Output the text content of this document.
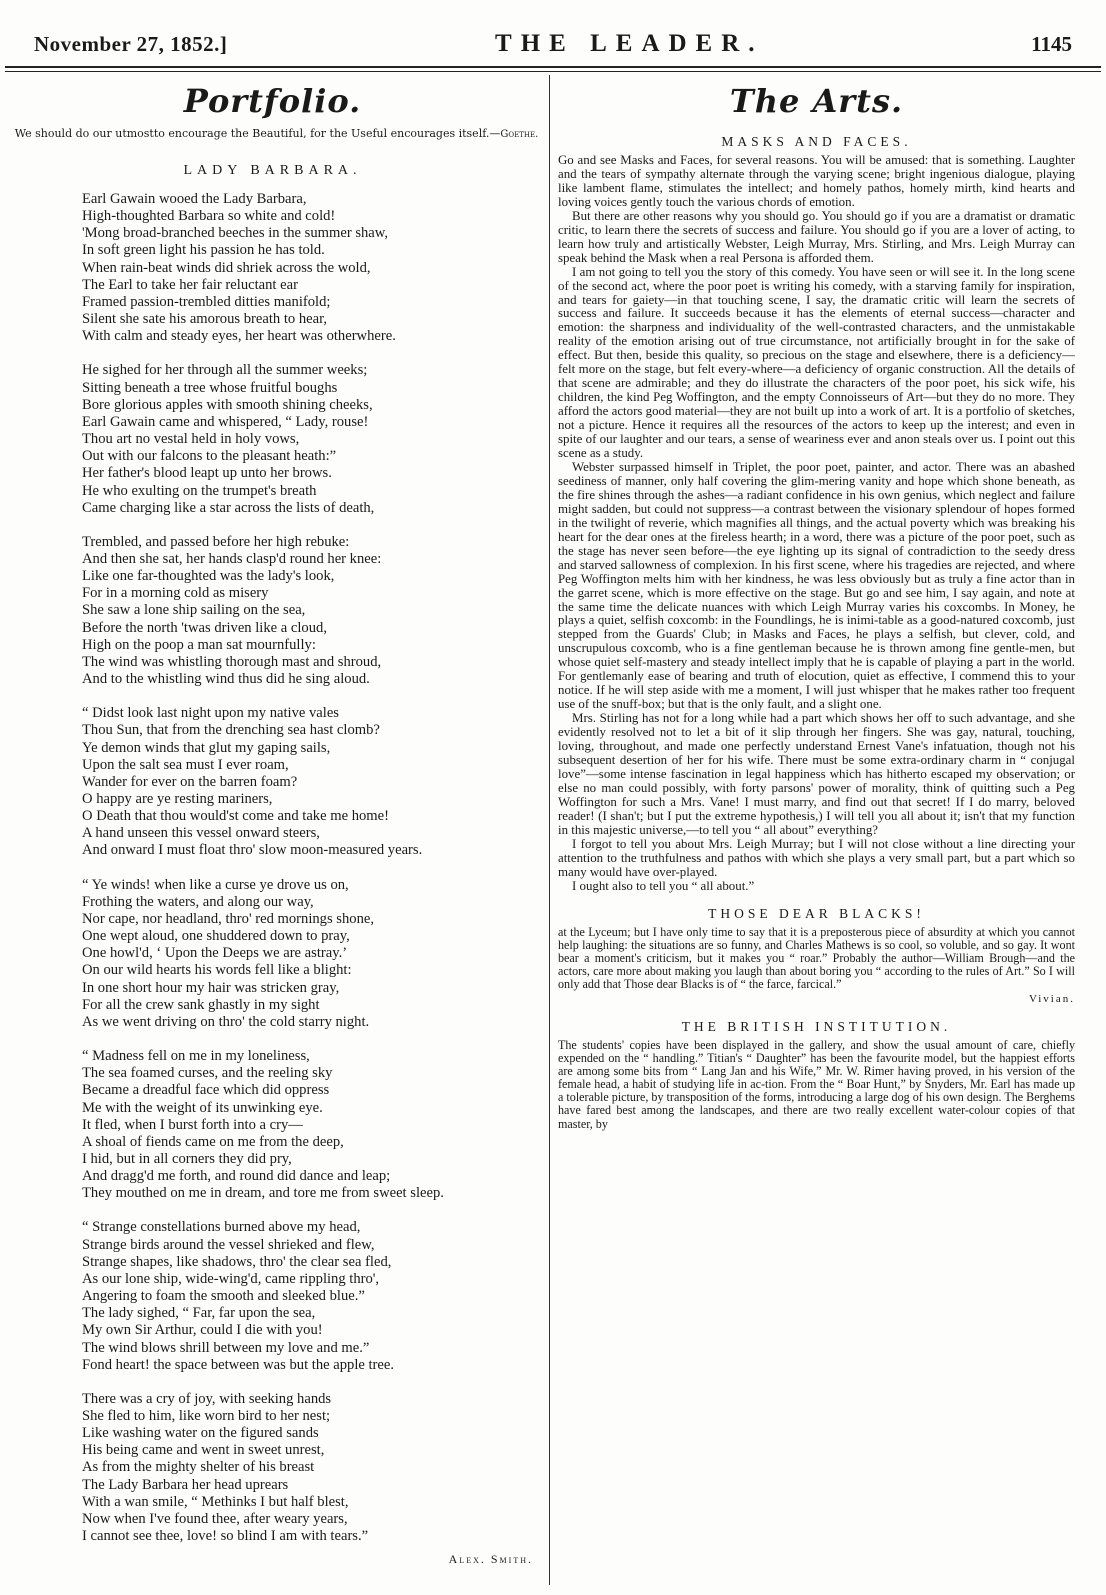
November 27, 1852.]	THE LEADER.	1145
Portfolio.
We should do our utmostto encourage the Beautiful, for the Useful encourages itself.—Goethe.
LADY BARBARA.
Earl Gawain wooed the Lady Barbara,
High-thoughted Barbara so white and cold!
'Mong broad-branched beeches in the summer shaw,
In soft green light his passion he has told.
When rain-beat winds did shriek across the wold,
The Earl to take her fair reluctant ear
Framed passion-trembled ditties manifold;
Silent she sate his amorous breath to hear,
With calm and steady eyes, her heart was otherwhere.
He sighed for her through all the summer weeks;
Sitting beneath a tree whose fruitful boughs
Bore glorious apples with smooth shining cheeks,
Earl Gawain came and whispered, “ Lady, rouse!
Thou art no vestal held in holy vows,
Out with our falcons to the pleasant heath:”
Her father's blood leapt up unto her brows.
He who exulting on the trumpet's breath
Came charging like a star across the lists of death,
Trembled, and passed before her high rebuke:
And then she sat, her hands clasp'd round her knee:
Like one far-thoughted was the lady's look,
For in a morning cold as misery
She saw a lone ship sailing on the sea,
Before the north 'twas driven like a cloud,
High on the poop a man sat mournfully:
The wind was whistling thorough mast and shroud,
And to the whistling wind thus did he sing aloud.
“ Didst look last night upon my native vales
Thou Sun, that from the drenching sea hast clomb?
Ye demon winds that glut my gaping sails,
Upon the salt sea must I ever roam,
Wander for ever on the barren foam?
O happy are ye resting mariners,
O Death that thou would'st come and take me home!
A hand unseen this vessel onward steers,
And onward I must float thro' slow moon-measured years.
“ Ye winds! when like a curse ye drove us on,
Frothing the waters, and along our way,
Nor cape, nor headland, thro' red mornings shone,
One wept aloud, one shuddered down to pray,
One howl'd, ‘ Upon the Deeps we are astray.’
On our wild hearts his words fell like a blight:
In one short hour my hair was stricken gray,
For all the crew sank ghastly in my sight
As we went driving on thro' the cold starry night.
“ Madness fell on me in my loneliness,
The sea foamed curses, and the reeling sky
Became a dreadful face which did oppress
Me with the weight of its unwinking eye.
It fled, when I burst forth into a cry—
A shoal of fiends came on me from the deep,
I hid, but in all corners they did pry,
And dragg'd me forth, and round did dance and leap;
They mouthed on me in dream, and tore me from sweet sleep.
“ Strange constellations burned above my head,
Strange birds around the vessel shrieked and flew,
Strange shapes, like shadows, thro' the clear sea fled,
As our lone ship, wide-wing'd, came rippling thro',
Angering to foam the smooth and sleeked blue.”
The lady sighed, “ Far, far upon the sea,
My own Sir Arthur, could I die with you!
The wind blows shrill between my love and me.”
Fond heart! the space between was but the apple tree.
There was a cry of joy, with seeking hands
She fled to him, like worn bird to her nest;
Like washing water on the figured sands
His being came and went in sweet unrest,
As from the mighty shelter of his breast
The Lady Barbara her head uprears
With a wan smile, “ Methinks I but half blest,
Now when I've found thee, after weary years,
I cannot see thee, love! so blind I am with tears.”
Alex. Smith.
The Arts.
MASKS AND FACES.

Go and see Masks and Faces, for several reasons. You will be amused: that is something. Laughter and the tears of sympathy alternate through the varying scene; bright ingenious dialogue, playing like lambent flame, stimulates the intellect; and homely pathos, homely mirth, kind hearts and loving voices gently touch the various chords of emotion.

But there are other reasons why you should go. You should go if you are a dramatist or dramatic critic, to learn there the secrets of success and failure. You should go if you are a lover of acting, to learn how truly and artistically Webster, Leigh Murray, Mrs. Stirling, and Mrs. Leigh Murray can speak behind the Mask when a real Persona is afforded them.

I am not going to tell you the story of this comedy. You have seen or will see it. In the long scene of the second act, where the poor poet is writing his comedy, with a starving family for inspiration, and tears for gaiety—in that touching scene, I say, the dramatic critic will learn the secrets of success and failure. It succeeds because it has the elements of eternal success—character and emotion: the sharpness and individuality of the well-contrasted characters, and the unmistakable reality of the emotion arising out of true circumstance, not artificially brought in for the sake of effect. But then, beside this quality, so precious on the stage and elsewhere, there is a deficiency—felt more on the stage, but felt every-where—a deficiency of organic construction. All the details of that scene are admirable; and they do illustrate the characters of the poor poet, his sick wife, his children, the kind Peg Woffington, and the empty Connoisseurs of Art—but they do no more. They afford the actors good material—they are not built up into a work of art. It is a portfolio of sketches, not a picture. Hence it requires all the resources of the actors to keep up the interest; and even in spite of our laughter and our tears, a sense of weariness ever and anon steals over us. I point out this scene as a study.

Webster surpassed himself in Triplet, the poor poet, painter, and actor. There was an abashed seediness of manner, only half covering the glim-mering vanity and hope which shone beneath, as the fire shines through the ashes—a radiant confidence in his own genius, which neglect and failure might sadden, but could not suppress—a contrast between the visionary splendour of hopes formed in the twilight of reverie, which magnifies all things, and the actual poverty which was breaking his heart for the dear ones at the fireless hearth; in a word, there was a picture of the poor poet, such as the stage has never seen before—the eye lighting up its signal of contradiction to the seedy dress and starved sallowness of complexion. In his first scene, where his tragedies are rejected, and where Peg Woffington melts him with her kindness, he was less obviously but as truly a fine actor than in the garret scene, which is more effective on the stage. But go and see him, I say again, and note at the same time the delicate nuances with which Leigh Murray varies his coxcombs. In Money, he plays a quiet, selfish coxcomb: in the Foundlings, he is inimi-table as a good-natured coxcomb, just stepped from the Guards' Club; in Masks and Faces, he plays a selfish, but clever, cold, and unscrupulous coxcomb, who is a fine gentleman because he is thrown among fine gentle-men, but whose quiet self-mastery and steady intellect imply that he is capable of playing a part in the world. For gentlemanly ease of bearing and truth of elocution, quiet as effective, I commend this to your notice. If he will step aside with me a moment, I will just whisper that he makes rather too frequent use of the snuff-box; but that is the only fault, and a slight one.

Mrs. Stirling has not for a long while had a part which shows her off to such advantage, and she evidently resolved not to let a bit of it slip through her fingers. She was gay, natural, touching, loving, throughout, and made one perfectly understand Ernest Vane's infatuation, though not his subsequent desertion of her for his wife. There must be some extra-ordinary charm in “ conjugal love”—some intense fascination in legal happiness which has hitherto escaped my observation; or else no man could possibly, with forty parsons' power of morality, think of quitting such a Peg Woffington for such a Mrs. Vane! I must marry, and find out that secret! If I do marry, beloved reader! (I shan't; but I put the extreme hypothesis,) I will tell you all about it; isn't that my function in this majestic universe,—to tell you “ all about” everything?

I forgot to tell you about Mrs. Leigh Murray; but I will not close without a line directing your attention to the truthfulness and pathos with which she plays a very small part, but a part which so many would have over-played.

I ought also to tell you “ all about.”

THOSE DEAR BLACKS!

at the Lyceum; but I have only time to say that it is a preposterous piece of absurdity at which you cannot help laughing: the situations are so funny, and Charles Mathews is so cool, so voluble, and so gay. It wont bear a moment's criticism, but it makes you “ roar.” Probably the author—William Brough—and the actors, care more about making you laugh than about boring you “ according to the rules of Art.” So I will only add that Those dear Blacks is of “ the farce, farcical.”

Vivian.
THE BRITISH INSTITUTION.

The students' copies have been displayed in the gallery, and show the usual amount of care, chiefly expended on the “ handling.” Titian's “ Daughter” has been the favourite model, but the happiest efforts are among some bits from “ Lang Jan and his Wife,” Mr. W. Rimer having proved, in his version of the female head, a habit of studying life in ac-tion. From the “ Boar Hunt,” by Snyders, Mr. Earl has made up a tolerable picture, by transposition of the forms, introducing a large dog of his own design. The Berghems have fared best among the landscapes, and there are two really excellent water-colour copies of that master, by
